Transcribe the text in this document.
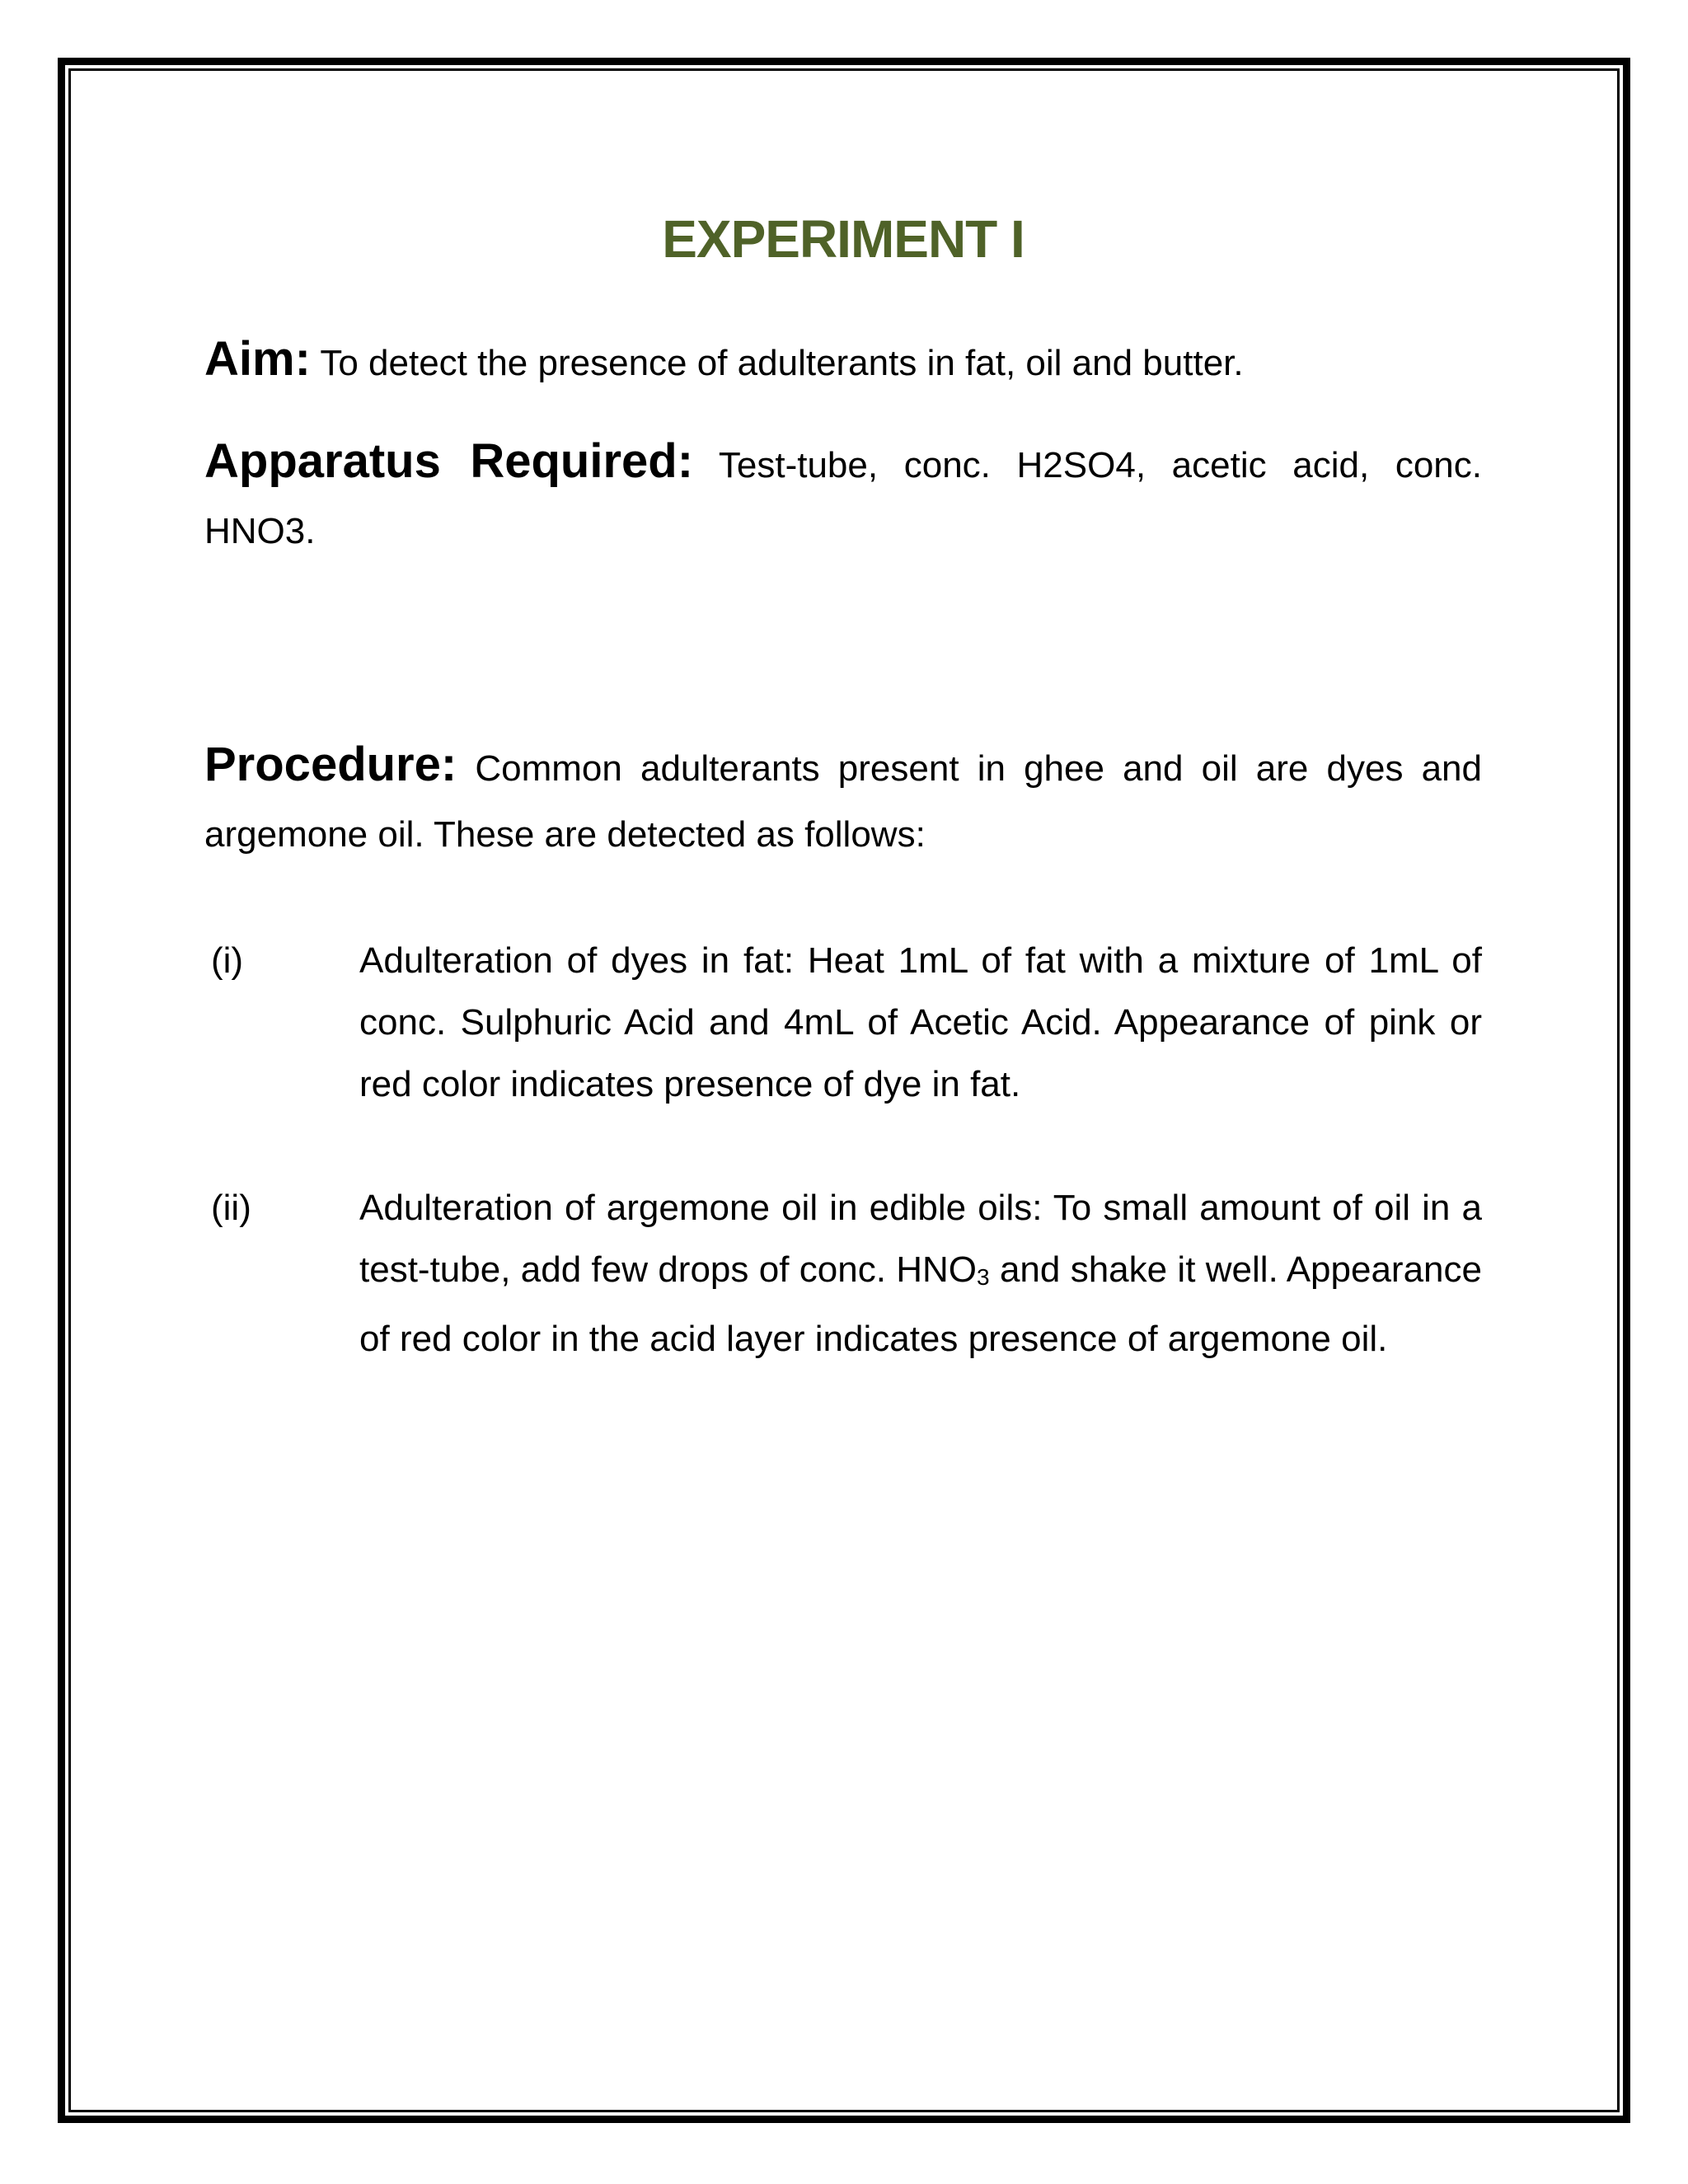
EXPERIMENT I
Aim: To detect the presence of adulterants in fat, oil and butter.
Apparatus Required: Test-tube, conc. H2SO4, acetic acid, conc. HNO3.
Procedure: Common adulterants present in ghee and oil are dyes and argemone oil. These are detected as follows:
(i)	Adulteration of dyes in fat: Heat 1mL of fat with a mixture of 1mL of conc. Sulphuric Acid and 4mL of Acetic Acid. Appearance of pink or red color indicates presence of dye in fat.
(ii)	Adulteration of argemone oil in edible oils: To small amount of oil in a test-tube, add few drops of conc. $HNO_3$ and shake it well. Appearance of red color in the acid layer indicates presence of argemone oil.
